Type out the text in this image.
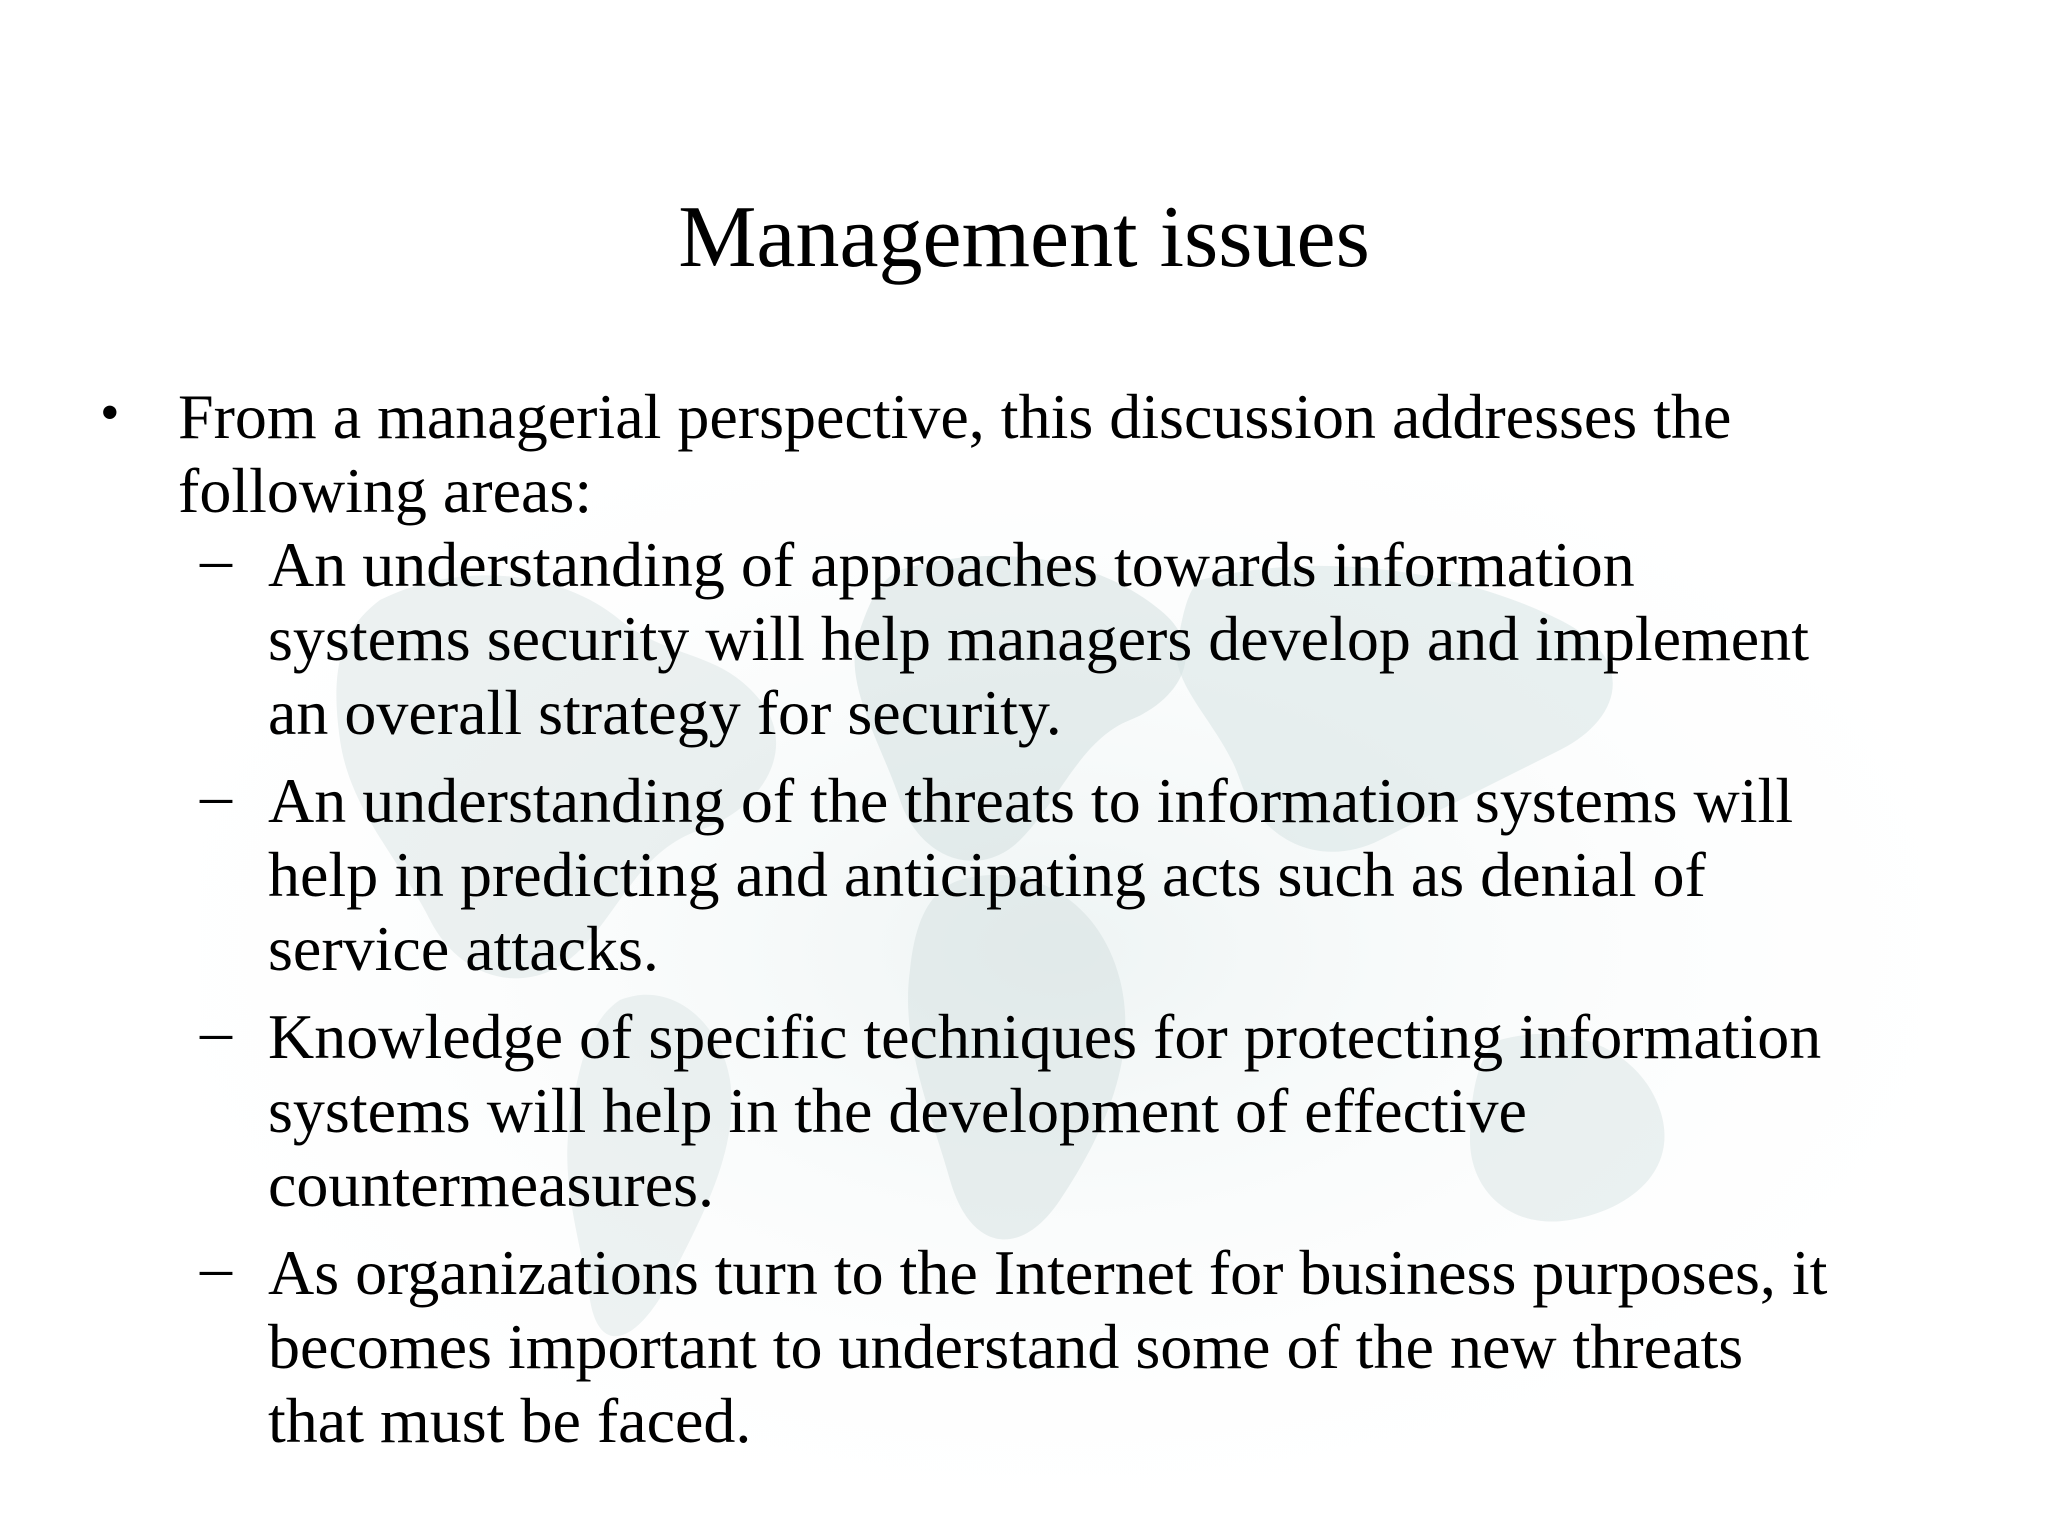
Management issues

• From a managerial perspective, this discussion addresses the
following areas:

– An understanding of approaches towards information
systems security will help managers develop and implement
an overall strategy for security.
– An understanding of the threats to information systems will
help in predicting and anticipating acts such as denial of
service attacks.
– Knowledge of specific techniques for protecting information
systems will help in the development of effective
countermeasures.
– As organizations turn to the Internet for business purposes, it
becomes important to understand some of the new threats
that must be faced.
